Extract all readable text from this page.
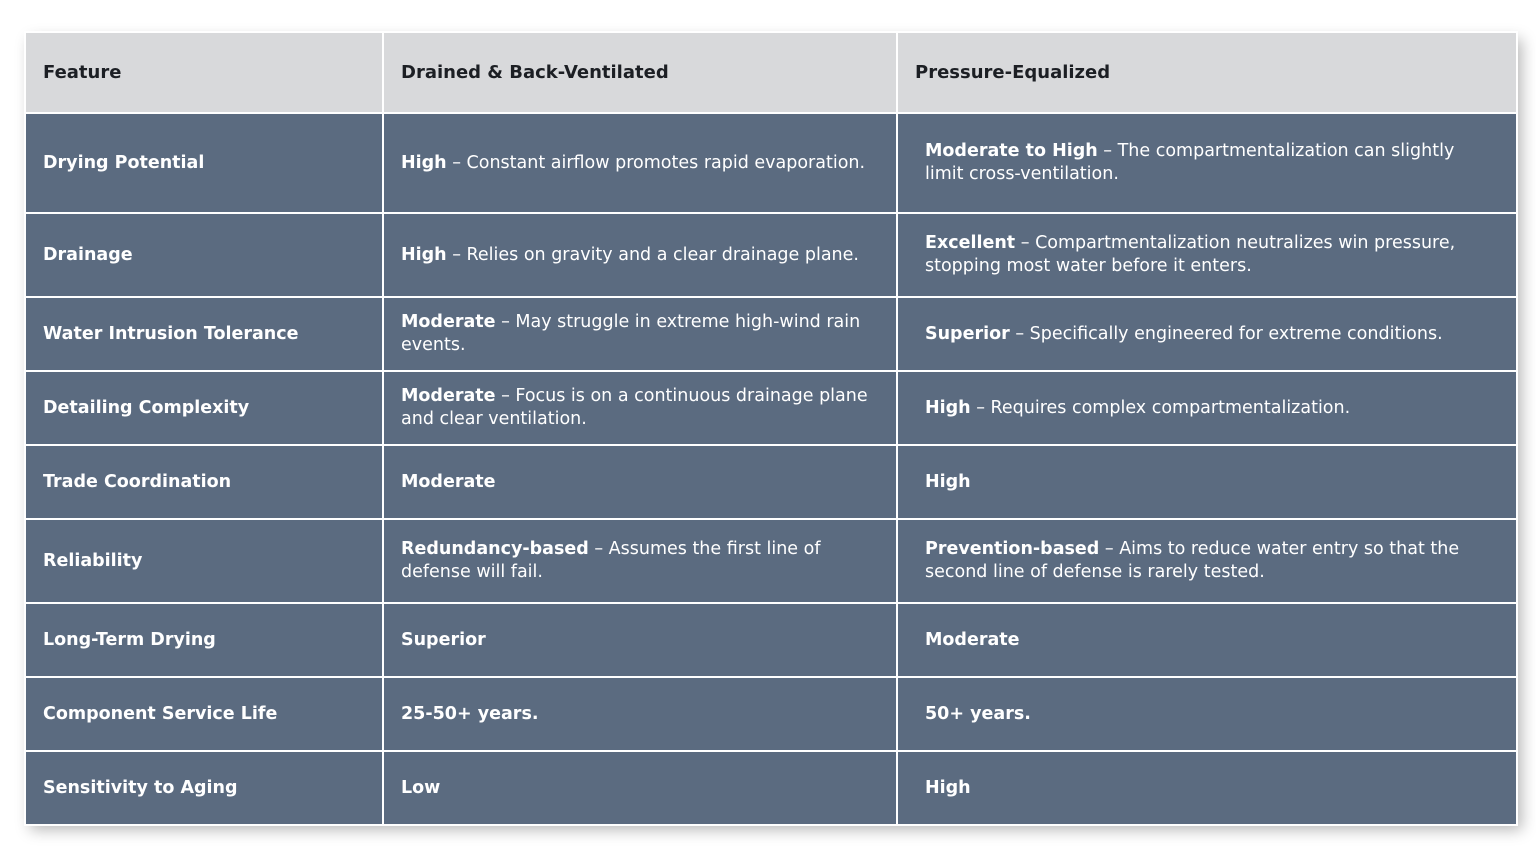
Feature	Drained & Back-Ventilated	Pressure-Equalized
Drying Potential	High – Constant airflow promotes rapid evaporation.	Moderate to High – The compartmentalization can slightly limit cross-ventilation.
Drainage	High – Relies on gravity and a clear drainage plane.	Excellent – Compartmentalization neutralizes win pressure, stopping most water before it enters.
Water Intrusion Tolerance	Moderate – May struggle in extreme high-wind rain events.	Superior – Specifically engineered for extreme conditions.
Detailing Complexity	Moderate – Focus is on a continuous drainage plane and clear ventilation.	High – Requires complex compartmentalization.
Trade Coordination	Moderate	High
Reliability	Redundancy-based – Assumes the first line of defense will fail.	Prevention-based – Aims to reduce water entry so that the second line of defense is rarely tested.
Long-Term Drying	Superior	Moderate
Component Service Life	25-50+ years.	50+ years.
Sensitivity to Aging	Low	High
